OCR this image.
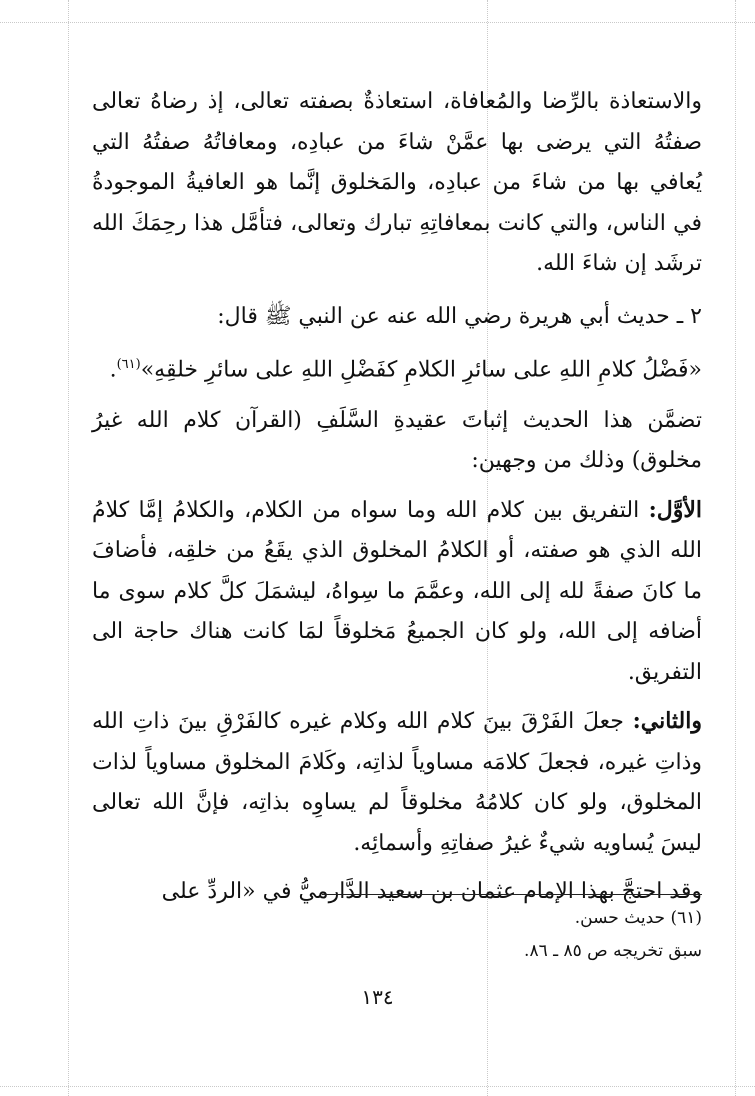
والاستعاذة بالرِّضا والمُعافاة، استعاذةٌ بصفته تعالى، إذ رضاهُ تعالى صفتُهُ التي يرضى بها عمَّنْ شاءَ من عبادِه، ومعافاتُهُ صفتُهُ التي يُعافي بها من شاءَ من عبادِه، والمَخلوق إنَّما هو العافيةُ الموجودةُ في الناس، والتي كانت بمعافاتِهِ تبارك وتعالى، فتأمَّل هذا رحِمَكَ الله ترشَد إن شاءَ الله.

٢ ـ حديث أبي هريرة رضي الله عنه عن النبي ﷺ قال:

«فَضْلُ كلامِ اللهِ على سائرِ الكلامِ كفَضْلِ اللهِ على سائرِ خلقِهِ»$^{(٦١)}$.

تضمَّن هذا الحديث إثباتَ عقيدةِ السَّلَفِ (القرآن كلام الله غيرُ مخلوق) وذلك من وجهين:

الأوَّل: التفريق بين كلام الله وما سواه من الكلام، والكلامُ إمَّا كلامُ الله الذي هو صفته، أو الكلامُ المخلوق الذي يقَعُ من خلقِه، فأضافَ ما كانَ صفةً لله إلى الله، وعمَّمَ ما سِواهُ، ليشمَلَ كلَّ كلام سوى ما أضافه إلى الله، ولو كان الجميعُ مَخلوقاً لمَا كانت هناك حاجة الى التفريق.

والثاني: جعلَ الفَرْقَ بينَ كلام الله وكلام غيره كالفَرْقِ بينَ ذاتِ الله وذاتِ غيره، فجعلَ كلامَه مساوياً لذاتِه، وكَلامَ المخلوق مساوياً لذات المخلوق، ولو كان كلامُهُ مخلوقاً لم يساوِه بذاتِه، فإنَّ الله تعالى ليسَ يُساويه شيءٌ غيرُ صفاتِهِ وأسمائِه.

وقد احتجَّ بهذا الإمام عثمان بن سعيد الدَّارميُّ في «الردِّ على

(٦١) حديث حسن.
سبق تخريجه ص ٨٥ ـ ٨٦.
١٣٤
